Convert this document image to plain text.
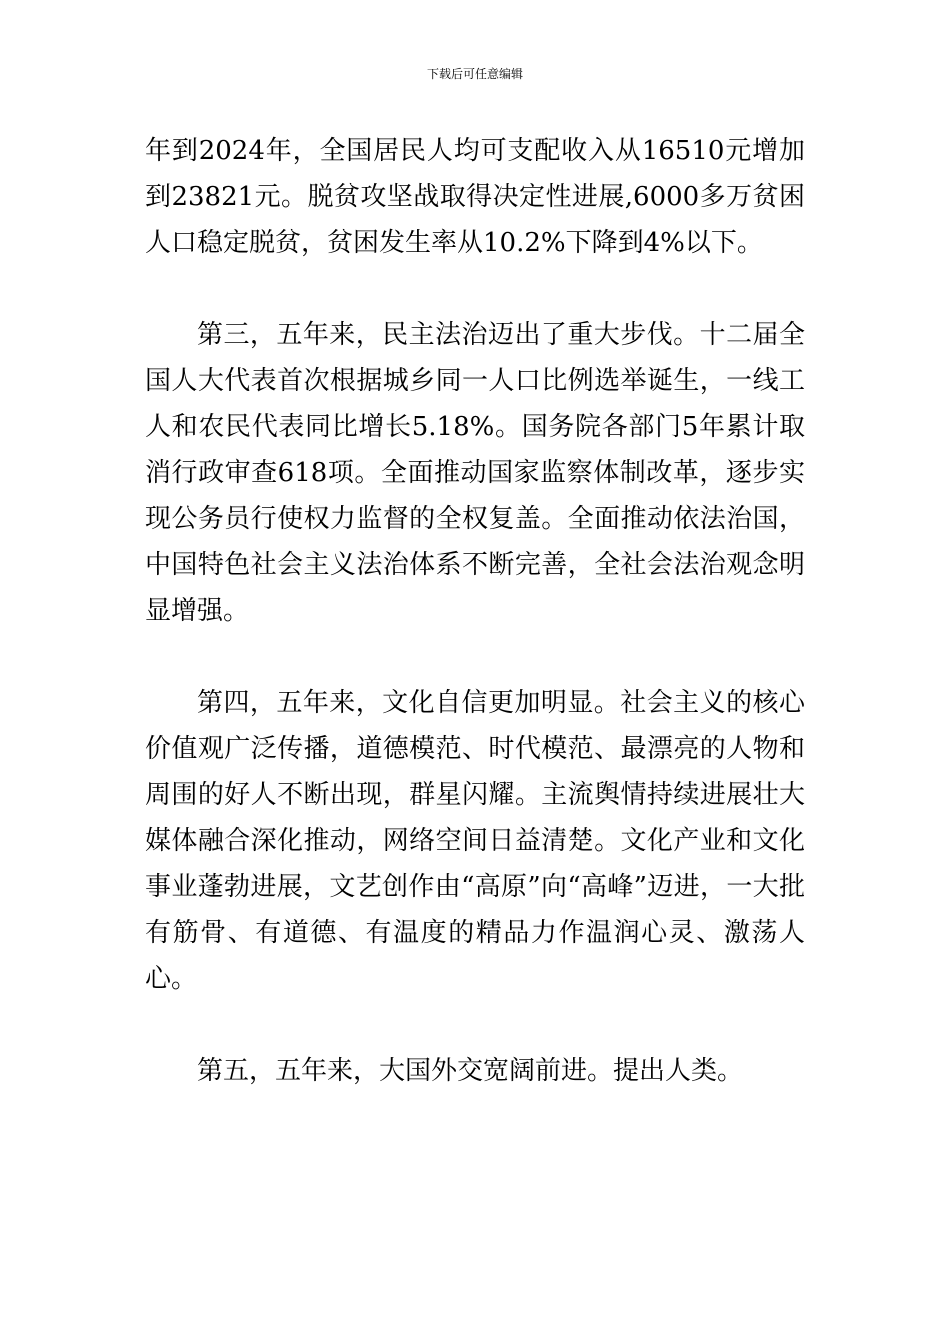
下载后可任意编辑

年到2024年，全国居民人均可支配收入从16510元增加到23821元。脱贫攻坚战取得决定性进展,6000多万贫困人口稳定脱贫，贫困发生率从10.2%下降到4%以下。

第三，五年来，民主法治迈出了重大步伐。十二届全国人大代表首次根据城乡同一人口比例选举诞生，一线工人和农民代表同比增长5.18%。国务院各部门5年累计取消行政审查618项。全面推动国家监察体制改革，逐步实现公务员行使权力监督的全权复盖。全面推动依法治国，中国特色社会主义法治体系不断完善，全社会法治观念明显增强。

第四，五年来，文化自信更加明显。社会主义的核心价值观广泛传播，道德模范、时代模范、最漂亮的人物和周围的好人不断出现，群星闪耀。主流舆情持续进展壮大媒体融合深化推动，网络空间日益清楚。文化产业和文化事业蓬勃进展，文艺创作由“高原”向“高峰”迈进，一大批有筋骨、有道德、有温度的精品力作温润心灵、激荡人心。

第五，五年来，大国外交宽阔前进。提出人类。
